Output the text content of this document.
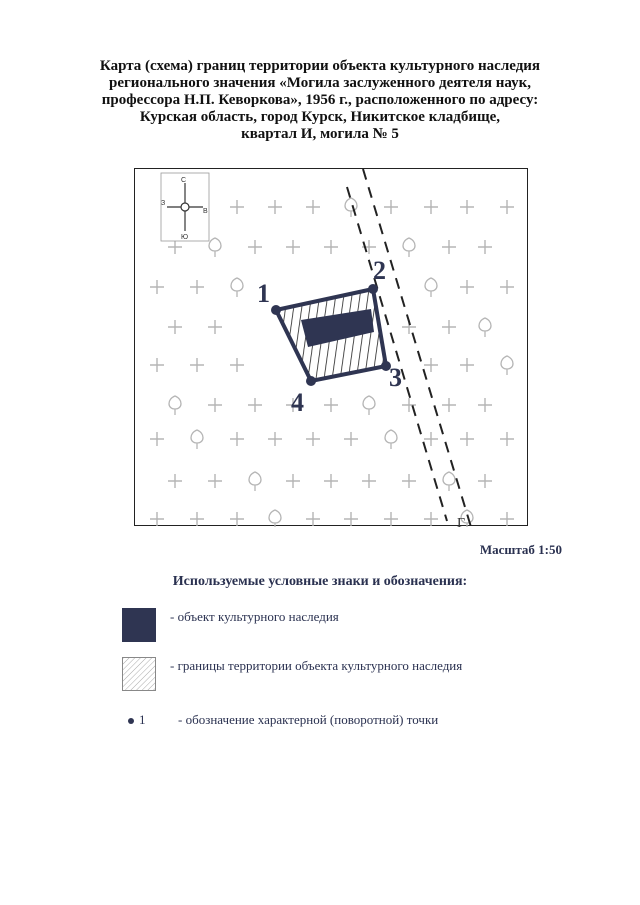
Карта (схема) границ территории объекта культурного наследия
регионального значения «Могила заслуженного деятеля наук,
профессора Н.П. Кеворкова», 1956 г., расположенного по адресу:
Курская область, город Курск, Никитское кладбище,
квартал И, могила № 5
Г
С
Ю
З
В
1
2
3
4
Масштаб 1:50
Используемые условные знаки и обозначения:
- объект культурного наследия
- границы территории объекта культурного наследия
1	- обозначение характерной (поворотной) точки
